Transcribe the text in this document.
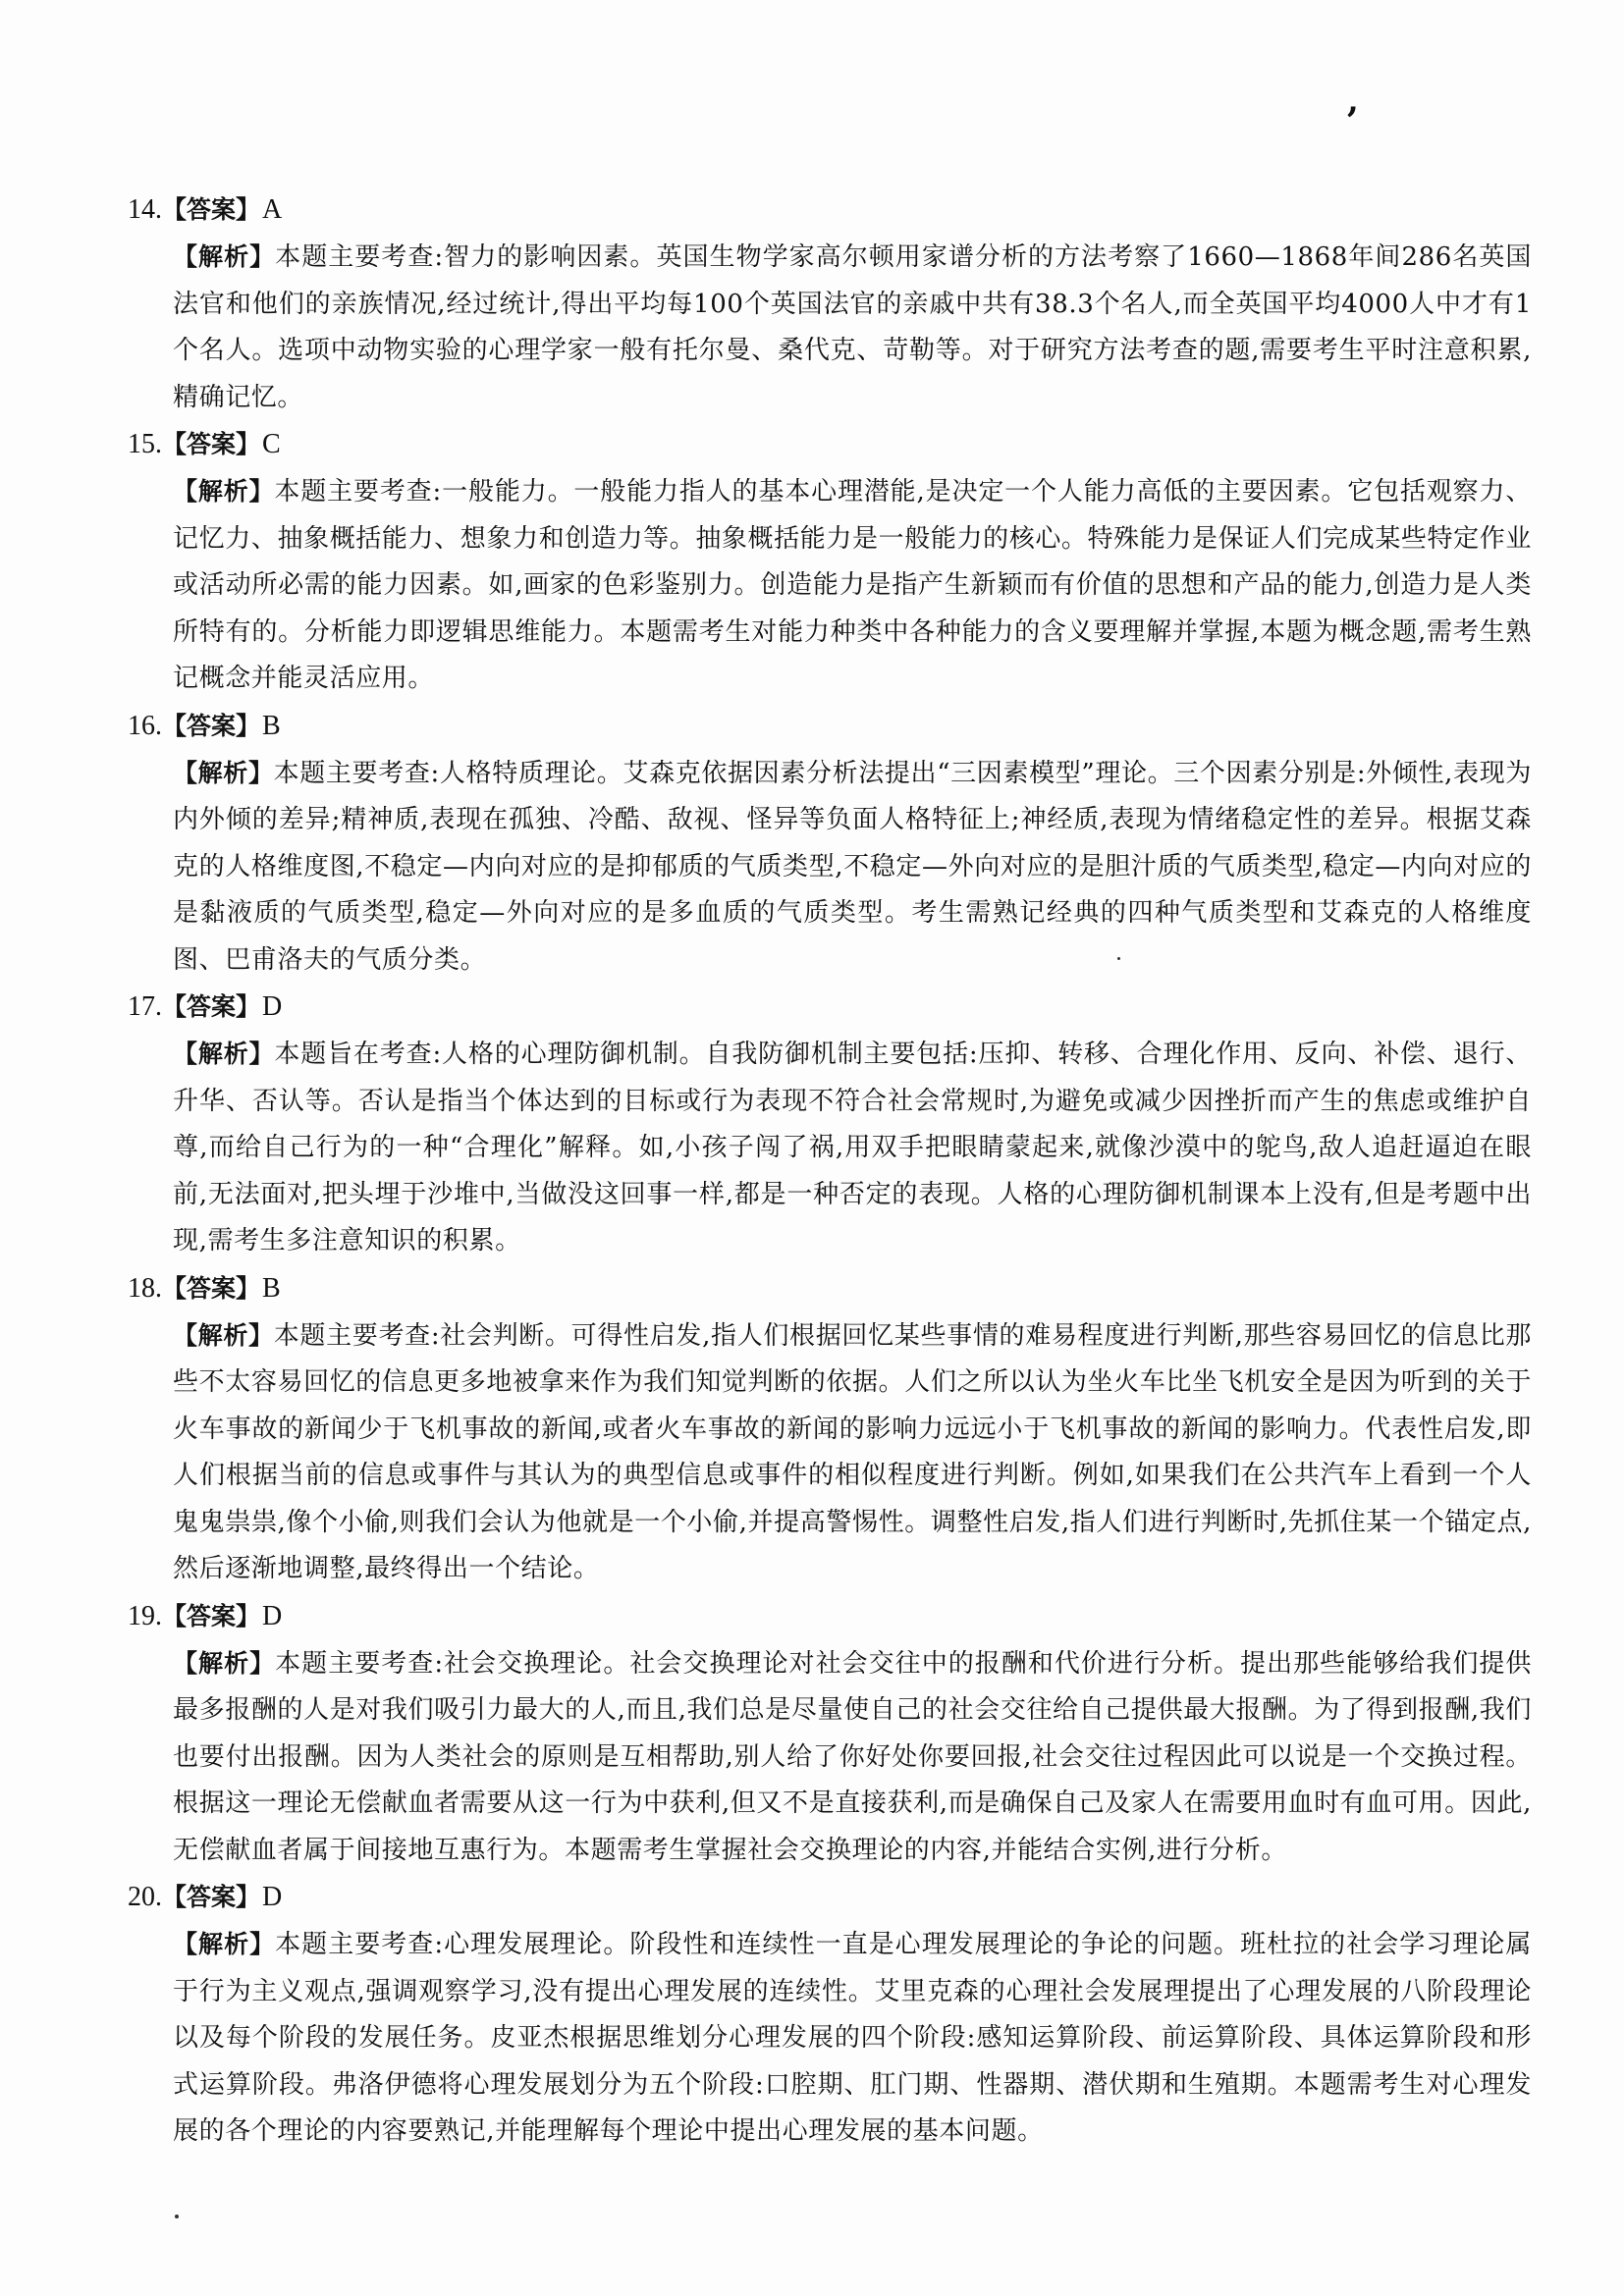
,
14.【答案】A

【解析】本题主要考查:智力的影响因素。英国生物学家高尔顿用家谱分析的方法考察了1660—1868年间286名英国法官和他们的亲族情况,经过统计,得出平均每100个英国法官的亲戚中共有38.3个名人,而全英国平均4000人中才有1个名人。选项中动物实验的心理学家一般有托尔曼、桑代克、苛勒等。对于研究方法考查的题,需要考生平时注意积累,精确记忆。

15.【答案】C

【解析】本题主要考查:一般能力。一般能力指人的基本心理潜能,是决定一个人能力高低的主要因素。它包括观察力、记忆力、抽象概括能力、想象力和创造力等。抽象概括能力是一般能力的核心。特殊能力是保证人们完成某些特定作业或活动所必需的能力因素。如,画家的色彩鉴别力。创造能力是指产生新颖而有价值的思想和产品的能力,创造力是人类所特有的。分析能力即逻辑思维能力。本题需考生对能力种类中各种能力的含义要理解并掌握,本题为概念题,需考生熟记概念并能灵活应用。

16.【答案】B

【解析】本题主要考查:人格特质理论。艾森克依据因素分析法提出“三因素模型”理论。三个因素分别是:外倾性,表现为内外倾的差异;精神质,表现在孤独、冷酷、敌视、怪异等负面人格特征上;神经质,表现为情绪稳定性的差异。根据艾森克的人格维度图,不稳定—内向对应的是抑郁质的气质类型,不稳定—外向对应的是胆汁质的气质类型,稳定—内向对应的是黏液质的气质类型,稳定—外向对应的是多血质的气质类型。考生需熟记经典的四种气质类型和艾森克的人格维度图、巴甫洛夫的气质分类。

17.【答案】D

【解析】本题旨在考查:人格的心理防御机制。自我防御机制主要包括:压抑、转移、合理化作用、反向、补偿、退行、升华、否认等。否认是指当个体达到的目标或行为表现不符合社会常规时,为避免或减少因挫折而产生的焦虑或维护自尊,而给自己行为的一种“合理化”解释。如,小孩子闯了祸,用双手把眼睛蒙起来,就像沙漠中的鸵鸟,敌人追赶逼迫在眼前,无法面对,把头埋于沙堆中,当做没这回事一样,都是一种否定的表现。人格的心理防御机制课本上没有,但是考题中出现,需考生多注意知识的积累。

18.【答案】B

【解析】本题主要考查:社会判断。可得性启发,指人们根据回忆某些事情的难易程度进行判断,那些容易回忆的信息比那些不太容易回忆的信息更多地被拿来作为我们知觉判断的依据。人们之所以认为坐火车比坐飞机安全是因为听到的关于火车事故的新闻少于飞机事故的新闻,或者火车事故的新闻的影响力远远小于飞机事故的新闻的影响力。代表性启发,即人们根据当前的信息或事件与其认为的典型信息或事件的相似程度进行判断。例如,如果我们在公共汽车上看到一个人鬼鬼祟祟,像个小偷,则我们会认为他就是一个小偷,并提高警惕性。调整性启发,指人们进行判断时,先抓住某一个锚定点,然后逐渐地调整,最终得出一个结论。

19.【答案】D

【解析】本题主要考查:社会交换理论。社会交换理论对社会交往中的报酬和代价进行分析。提出那些能够给我们提供最多报酬的人是对我们吸引力最大的人,而且,我们总是尽量使自己的社会交往给自己提供最大报酬。为了得到报酬,我们也要付出报酬。因为人类社会的原则是互相帮助,别人给了你好处你要回报,社会交往过程因此可以说是一个交换过程。根据这一理论无偿献血者需要从这一行为中获利,但又不是直接获利,而是确保自己及家人在需要用血时有血可用。因此,无偿献血者属于间接地互惠行为。本题需考生掌握社会交换理论的内容,并能结合实例,进行分析。

20.【答案】D

【解析】本题主要考查:心理发展理论。阶段性和连续性一直是心理发展理论的争论的问题。班杜拉的社会学习理论属于行为主义观点,强调观察学习,没有提出心理发展的连续性。艾里克森的心理社会发展理提出了心理发展的八阶段理论以及每个阶段的发展任务。皮亚杰根据思维划分心理发展的四个阶段:感知运算阶段、前运算阶段、具体运算阶段和形式运算阶段。弗洛伊德将心理发展划分为五个阶段:口腔期、肛门期、性器期、潜伏期和生殖期。本题需考生对心理发展的各个理论的内容要熟记,并能理解每个理论中提出心理发展的基本问题。
